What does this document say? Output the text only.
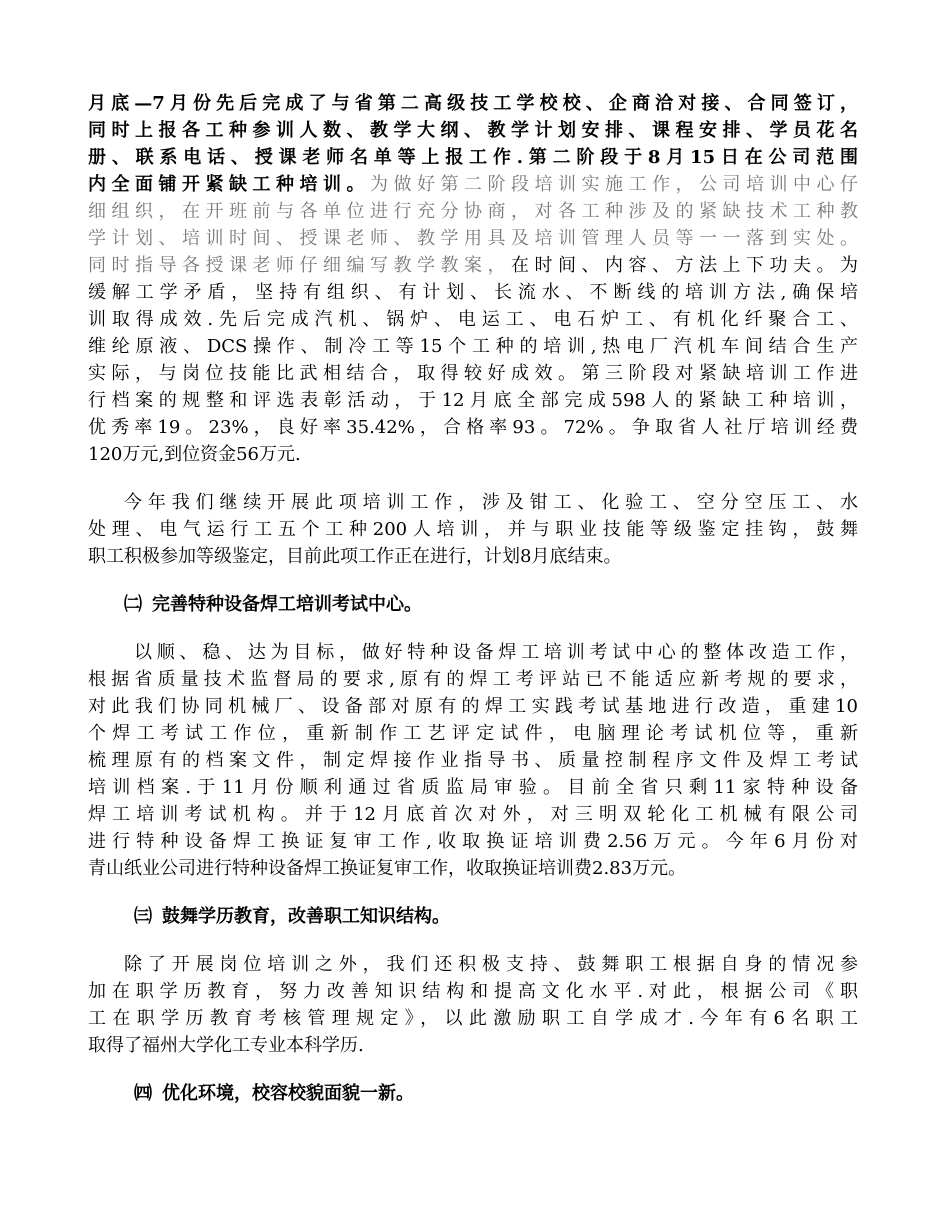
月底—7月份先后完成了与省第二高级技工学校校、企商洽对接、合同签订，
同时上报各工种参训人数、教学大纲、教学计划安排、课程安排、学员花名
册、联系电话、授课老师名单等上报工作.第二阶段于8月15日在公司范围
内全面铺开紧缺工种培训。为做好第二阶段培训实施工作，公司培训中心仔
细组织，在开班前与各单位进行充分协商，对各工种涉及的紧缺技术工种教
学计划、培训时间、授课老师、教学用具及培训管理人员等一一落到实处。
同时指导各授课老师仔细编写教学教案，在时间、内容、方法上下功夫。为
缓解工学矛盾，坚持有组织、有计划、长流水、不断线的培训方法,确保培
训取得成效.先后完成汽机、锅炉、电运工、电石炉工、有机化纤聚合工、
维纶原液、DCS操作、制冷工等15个工种的培训,热电厂汽机车间结合生产
实际，与岗位技能比武相结合，取得较好成效。第三阶段对紧缺培训工作进
行档案的规整和评选表彰活动，于12月底全部完成598人的紧缺工种培训，
优秀率19。23%，良好率35.42%，合格率93。72%。争取省人社厅培训经费
120万元,到位资金56万元.
今年我们继续开展此项培训工作，涉及钳工、化验工、空分空压工、水
处理、电气运行工五个工种200人培训，并与职业技能等级鉴定挂钩，鼓舞
职工积极参加等级鉴定，目前此项工作正在进行，计划8月底结束。
㈡ 完善特种设备焊工培训考试中心。
以顺、稳、达为目标，做好特种设备焊工培训考试中心的整体改造工作，
根据省质量技术监督局的要求,原有的焊工考评站已不能适应新考规的要求，
对此我们协同机械厂、设备部对原有的焊工实践考试基地进行改造，重建10
个焊工考试工作位，重新制作工艺评定试件，电脑理论考试机位等，重新
梳理原有的档案文件，制定焊接作业指导书、质量控制程序文件及焊工考试
培训档案.于11月份顺利通过省质监局审验。目前全省只剩11家特种设备
焊工培训考试机构。并于12月底首次对外，对三明双轮化工机械有限公司
进行特种设备焊工换证复审工作,收取换证培训费2.56万元。今年6月份对
青山纸业公司进行特种设备焊工换证复审工作，收取换证培训费2.83万元。
㈢ 鼓舞学历教育，改善职工知识结构。
除了开展岗位培训之外，我们还积极支持、鼓舞职工根据自身的情况参
加在职学历教育，努力改善知识结构和提高文化水平.对此，根据公司《职
工在职学历教育考核管理规定》，以此激励职工自学成才.今年有6名职工
取得了福州大学化工专业本科学历.
㈣ 优化环境，校容校貌面貌一新。
